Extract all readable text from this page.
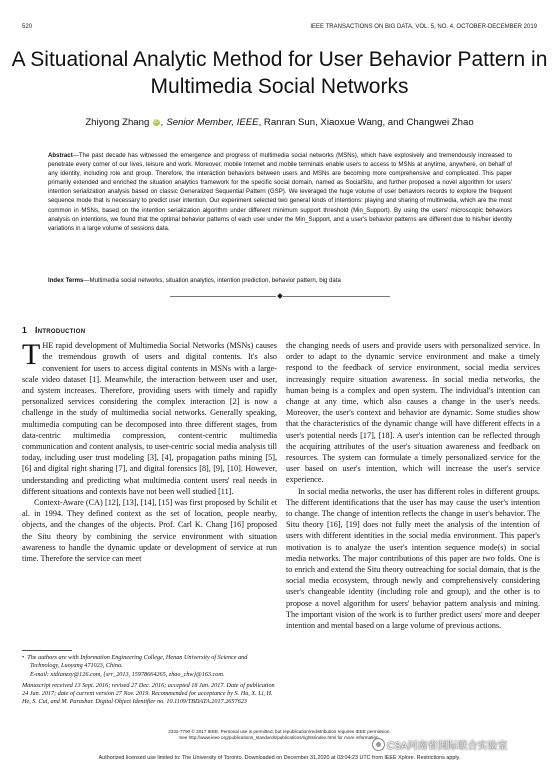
520	IEEE TRANSACTIONS ON BIG DATA, VOL. 5, NO. 4, OCTOBER-DECEMBER 2019
A Situational Analytic Method for User Behavior Pattern in Multimedia Social Networks
Zhiyong Zhang iD , Senior Member, IEEE, Ranran Sun, Xiaoxue Wang, and Changwei Zhao
Abstract—The past decade has witnessed the emergence and progress of multimedia social networks (MSNs), which have explosively and tremendously increased to penetrate every corner of our lives, leisure and work. Moreover, mobile Internet and mobile terminals enable users to access to MSNs at anytime, anywhere, on behalf of any identity, including role and group. Therefore, the interaction behaviors between users and MSNs are becoming more comprehensive and complicated. This paper primarily extended and enriched the situation analytics framework for the specific social domain, named as SocialSitu, and further proposed a novel algorithm for users' intention serialization analysis based on classic Generalized Sequential Pattern (GSP). We leveraged the huge volume of user behaviors records to explore the frequent sequence mode that is necessary to predict user intention. Our experiment selected two general kinds of intentions: playing and sharing of multimedia, which are the most common in MSNs, based on the intention serialization algorithm under different minimum support threshold (Min_Support). By using the users' microscopic behaviors analysis on intentions, we found that the optimal behavior patterns of each user under the Min_Support, and a user's behavior patterns are different due to his/her identity variations in a large volume of sessions data.
Index Terms—Multimedia social networks, situation analytics, intention prediction, behavior pattern, big data
1 Introduction

THE rapid development of Multimedia Social Networks (MSNs) causes the tremendous growth of users and digital contents. It's also convenient for users to access digital contents in MSNs with a large-scale video dataset [1]. Meanwhile, the interaction between user and user, and system increases. Therefore, providing users with timely and rapidly personalized services considering the complex interaction [2] is now a challenge in the study of multimedia social networks. Generally speaking, multimedia computing can be decomposed into three different stages, from data-centric multimedia compression, content-centric multimedia communication and content analysis, to user-centric social media analysis till today, including user trust modeling [3], [4], propagation paths mining [5], [6] and digital right sharing [7], and digital forensics [8], [9], [10]. However, understanding and predicting what multimedia content users' real needs in different situations and contexts have not been well studied [11].

Context-Aware (CA) [12], [13], [14], [15] was first proposed by Schilit et al. in 1994. They defined context as the set of location, people nearby, objects, and the changes of the objects. Prof. Carl K. Chang [16] proposed the Situ theory by combining the service environment with situation awareness to handle the dynamic update or development of service at run time. Therefore the service can meet

the changing needs of users and provide users with personalized service. In order to adapt to the dynamic service environment and make a timely respond to the feedback of service environment, social media services increasingly require situation awareness. In social media networks, the human being is a complex and open system. The individual's intention can change at any time, which also causes a change in the user's needs. Moreover, the user's context and behavior are dynamic. Some studies show that the characteristics of the dynamic change will have different effects in a user's potential needs [17], [18]. A user's intention can be reflected through the acquiring attributes of the user's situation awareness and feedback on resources. The system can formulate a timely personalized service for the user based on user's intention, which will increase the user's service experience.

In social media networks, the user has different roles in different groups. The different identifications that the user has may cause the user's intention to change. The change of intention reflects the change in user's behavior. The Situ theory [16], [19] does not fully meet the analysis of the intention of users with different identities in the social media environment. This paper's motivation is to analyze the user's intention sequence mode(s) in social media networks. The major contributions of this paper are two folds. One is to enrich and extend the Situ theory outreaching for social domain, that is the social media ecosystem, through newly and comprehensively considering user's changeable identity (including role and group), and the other is to propose a novel algorithm for users' behavior pattern analysis and mining. The important vision of the work is to further predict users' more and deeper intention and mental based on a large volume of previous actions.

•  The authors are with Information Engineering College, Henan University of Science and Technology, Luoyang 471023, China.
E-mail: xidianzzy@126.com, {srr_2013, 15978664265, zhao_chw}@163.com.

Manuscript received 13 Sept. 2016; revised 27 Dec. 2016; accepted 18 Jan. 2017. Date of publication 24 Jan. 2017; date of current version 27 Nov. 2019. Recommended for acceptance by S. Hu, X. Li, H. He, S. Cui, and M. Parashar. Digital Object Identifier no. 10.1109/TBDATA.2017.2657623

2332-7790 © 2017 IEEE. Personal use is permitted, but republication/redistribution requires IEEE permission.
See http://www.ieee.org/publications_standards/publications/rights/index.html for more information.
CSA河南省国际联合实验室
Authorized licensed use limited to: The University of Toronto. Downloaded on December 31,2020 at 03:04:23 UTC from IEEE Xplore. Restrictions apply.
